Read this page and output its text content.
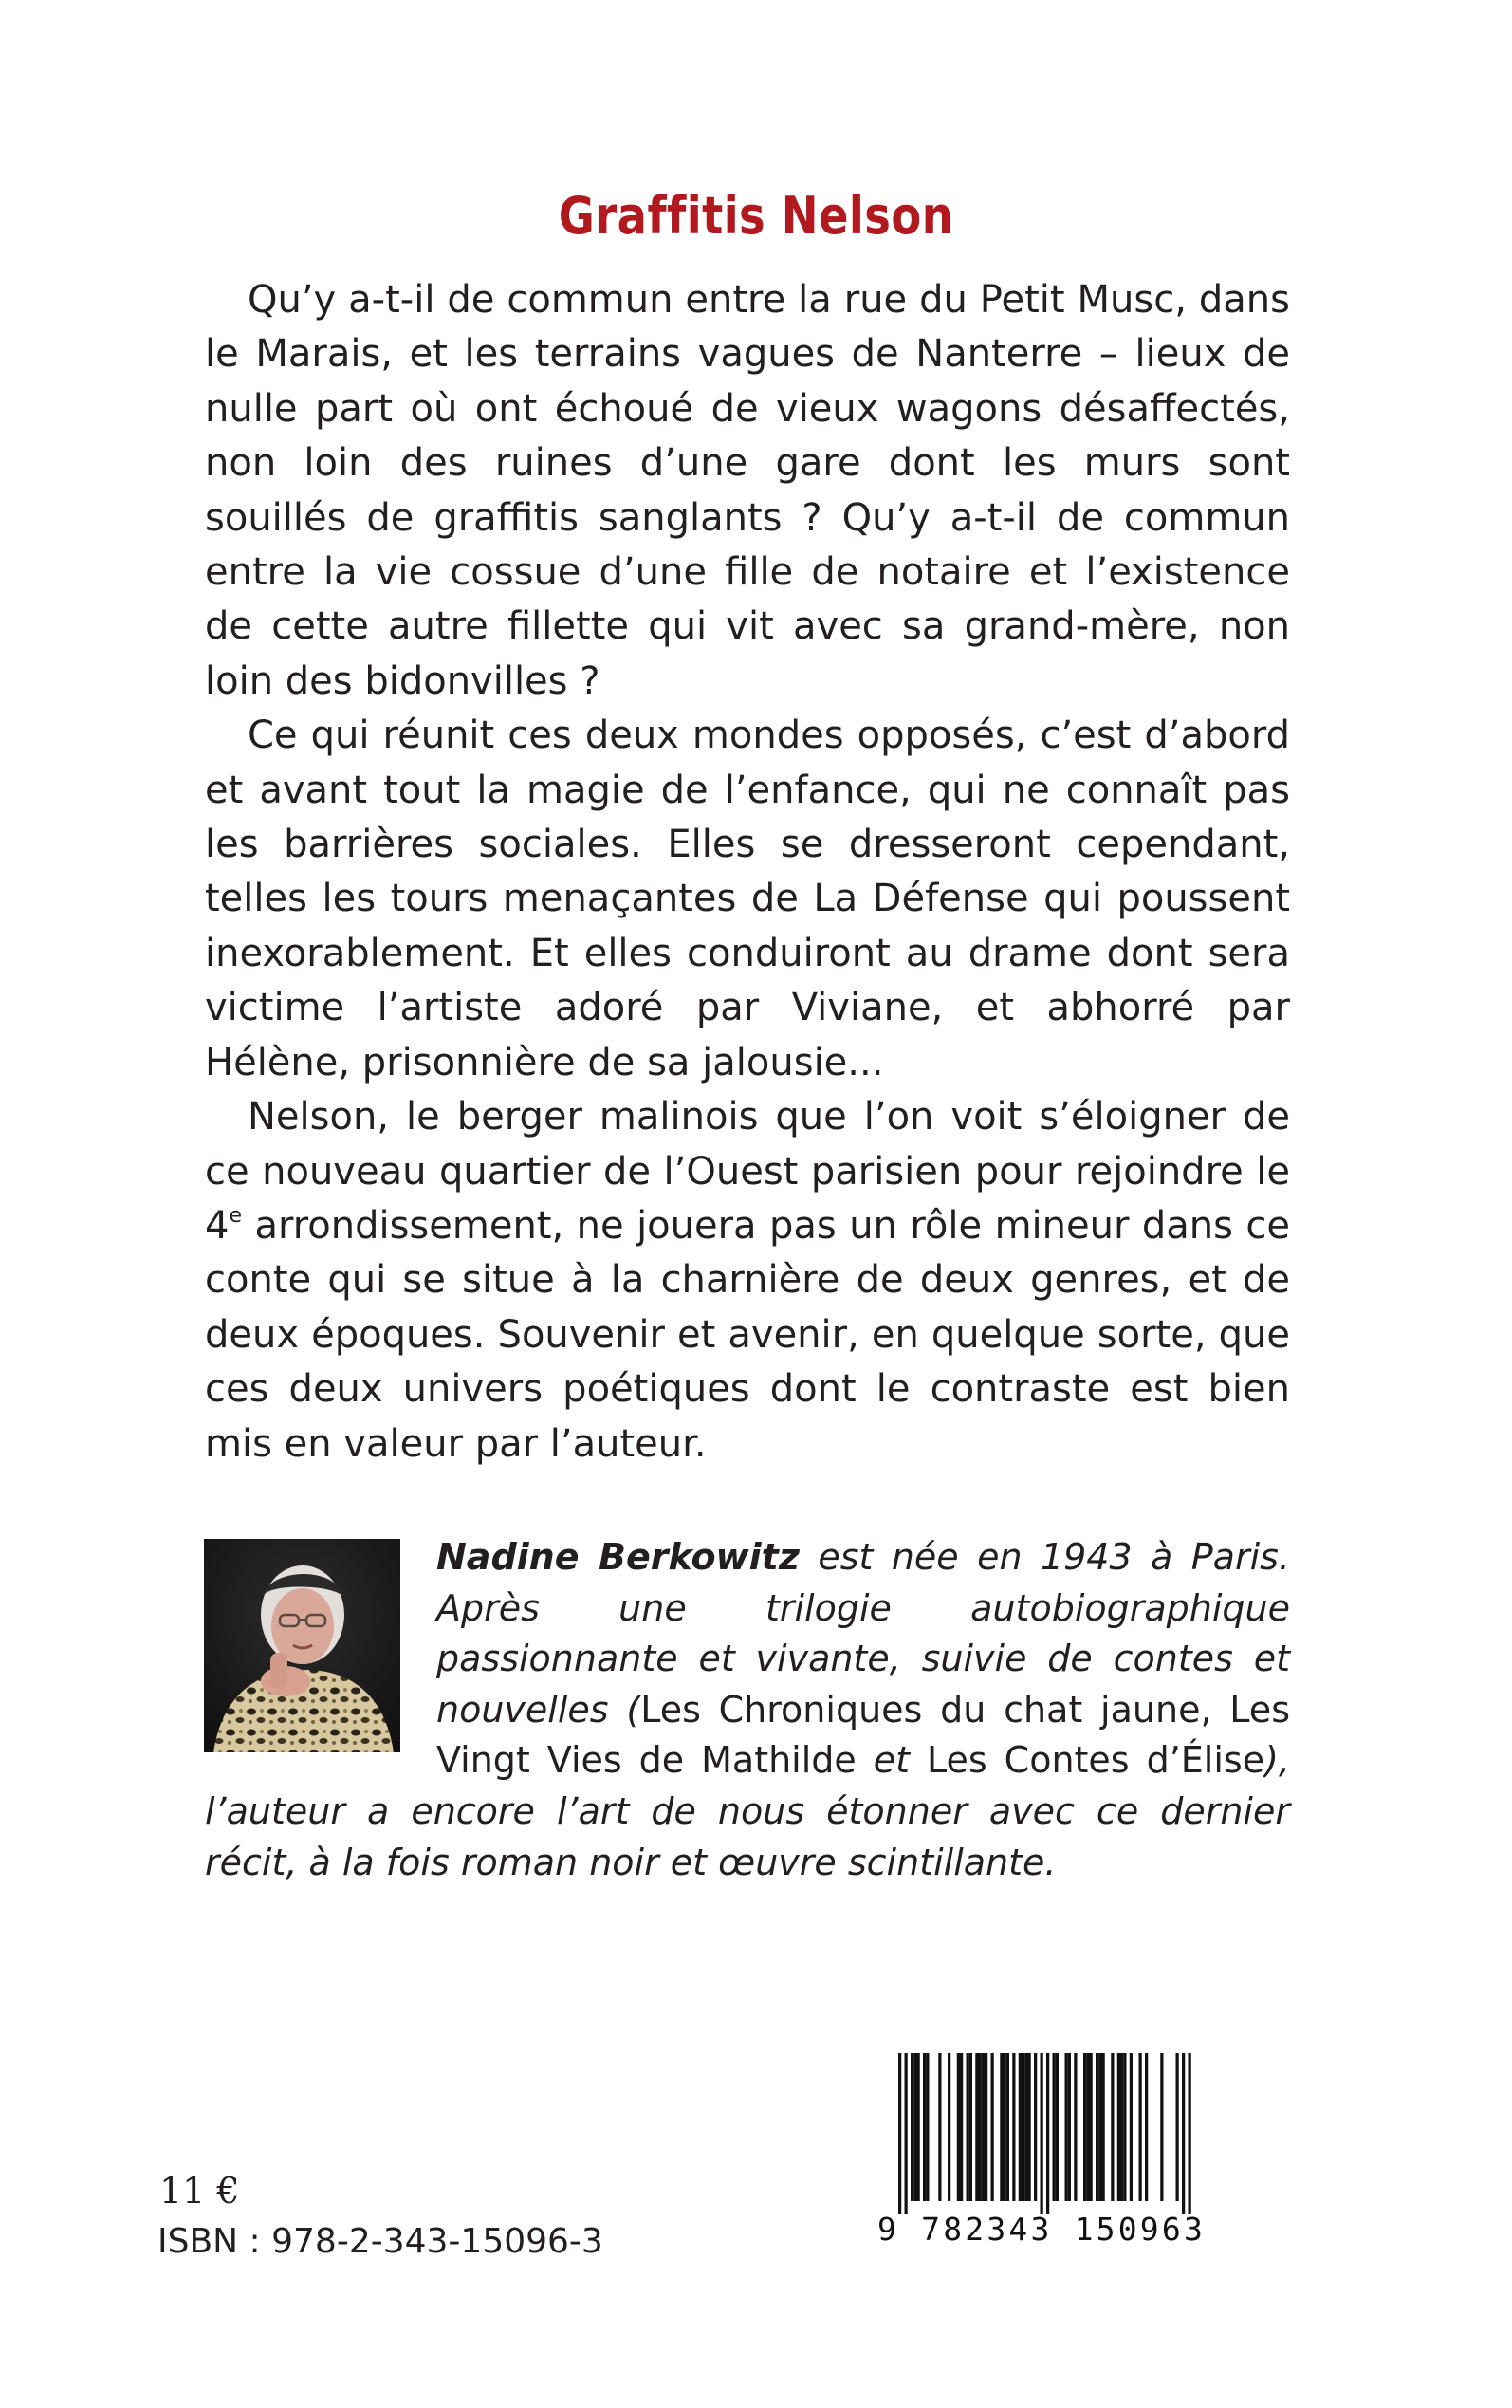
Graffitis Nelson

Qu’y a-t-il de commun entre la rue du Petit Musc, dans le Marais, et les terrains vagues de Nanterre – lieux de nulle part où ont échoué de vieux wagons désaffectés, non loin des ruines d’une gare dont les murs sont souillés de graffitis sanglants ? Qu’y a-t-il de commun entre la vie cossue d’une fille de notaire et l’existence de cette autre fillette qui vit avec sa grand-mère, non loin des bidonvilles ?

Ce qui réunit ces deux mondes opposés, c’est d’abord et avant tout la magie de l’enfance, qui ne connaît pas les barrières sociales. Elles se dresseront cependant, telles les tours menaçantes de La Défense qui poussent inexorablement. Et elles conduiront au drame dont sera victime l’artiste adoré par Viviane, et abhorré par Hélène, prisonnière de sa jalousie...

Nelson, le berger malinois que l’on voit s’éloigner de ce nouveau quartier de l’Ouest parisien pour rejoindre le 4e arrondissement, ne jouera pas un rôle mineur dans ce conte qui se situe à la charnière de deux genres, et de deux époques. Souvenir et avenir, en quelque sorte, que ces deux univers poétiques dont le contraste est bien mis en valeur par l’auteur.

Nadine Berkowitz est née en 1943 à Paris. Après une trilogie autobiographique passionnante et vivante, suivie de contes et nouvelles (Les Chroniques du chat jaune, Les Vingt Vies de Mathilde et Les Contes d’Élise), l’auteur a encore l’art de nous étonner avec ce dernier récit, à la fois roman noir et œuvre scintillante.
11 €
ISBN : 978-2-343-15096-3	9 782343 150963
